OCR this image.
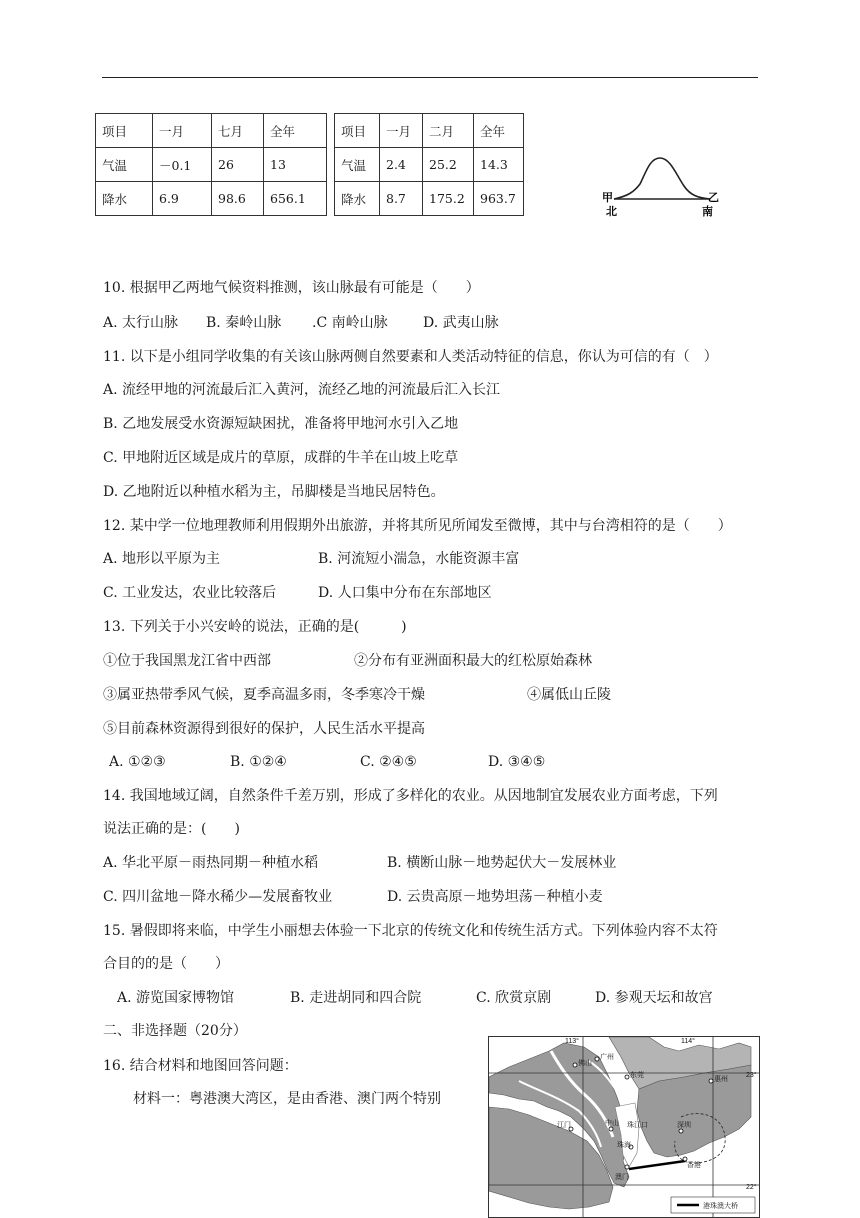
项目	一月	七月	全年
气温	－0.1	26	13
降水	6.9	98.6	656.1
项目	一月	二月	全年
气温	2.4	25.2	14.3
降水	8.7	175.2	963.7	甲
北
乙
南
10. 根据甲乙两地气候资料推测，该山脉最有可能是（　　）
A. 太行山脉 B. 秦岭山脉 .C 南岭山脉	D. 武夷山脉
11. 以下是小组同学收集的有关该山脉两侧自然要素和人类活动特征的信息，你认为可信的有（　）
A. 流经甲地的河流最后汇入黄河，流经乙地的河流最后汇入长江
B. 乙地发展受水资源短缺困扰，准备将甲地河水引入乙地
C. 甲地附近区域是成片的草原，成群的牛羊在山坡上吃草
D. 乙地附近以种植水稻为主，吊脚楼是当地民居特色。
12. 某中学一位地理教师利用假期外出旅游，并将其所见所闻发至微博，其中与台湾相符的是（　　）
A. 地形以平原为主	B. 河流短小湍急，水能资源丰富
C. 工业发达，农业比较落后	D. 人口集中分布在东部地区
13. 下列关于小兴安岭的说法，正确的是(　　　)
①位于我国黑龙江省中西部	②分布有亚洲面积最大的红松原始森林
③属亚热带季风气候，夏季高温多雨，冬季寒冷干燥	④属低山丘陵
⑤目前森林资源得到很好的保护，人民生活水平提高
A. ①②③	B. ①②④	C. ②④⑤	D. ③④⑤
14. 我国地域辽阔，自然条件千差万别，形成了多样化的农业。从因地制宜发展农业方面考虑，下列
说法正确的是：(　　)
A. 华北平原－雨热同期－种植水稻	B. 横断山脉－地势起伏大－发展林业
C. 四川盆地－降水稀少—发展畜牧业	D. 云贵高原－地势坦荡－种植小麦
15. 暑假即将来临，中学生小丽想去体验一下北京的传统文化和传统生活方式。下列体验内容不太符
合目的的是（　　）
A. 游览国家博物馆	B. 走进胡同和四合院	C. 欣赏京剧	D. 参观天坛和故宫
二、非选择题（20分）
16. 结合材料和地图回答问题：
材料一：粤港澳大湾区，是由香港、澳门两个特别
113°	114°
23°
22°
佛山
广州
东莞
惠州
江门	中山	深圳
珠江口
珠海
澳门
香港
港珠澳大桥
